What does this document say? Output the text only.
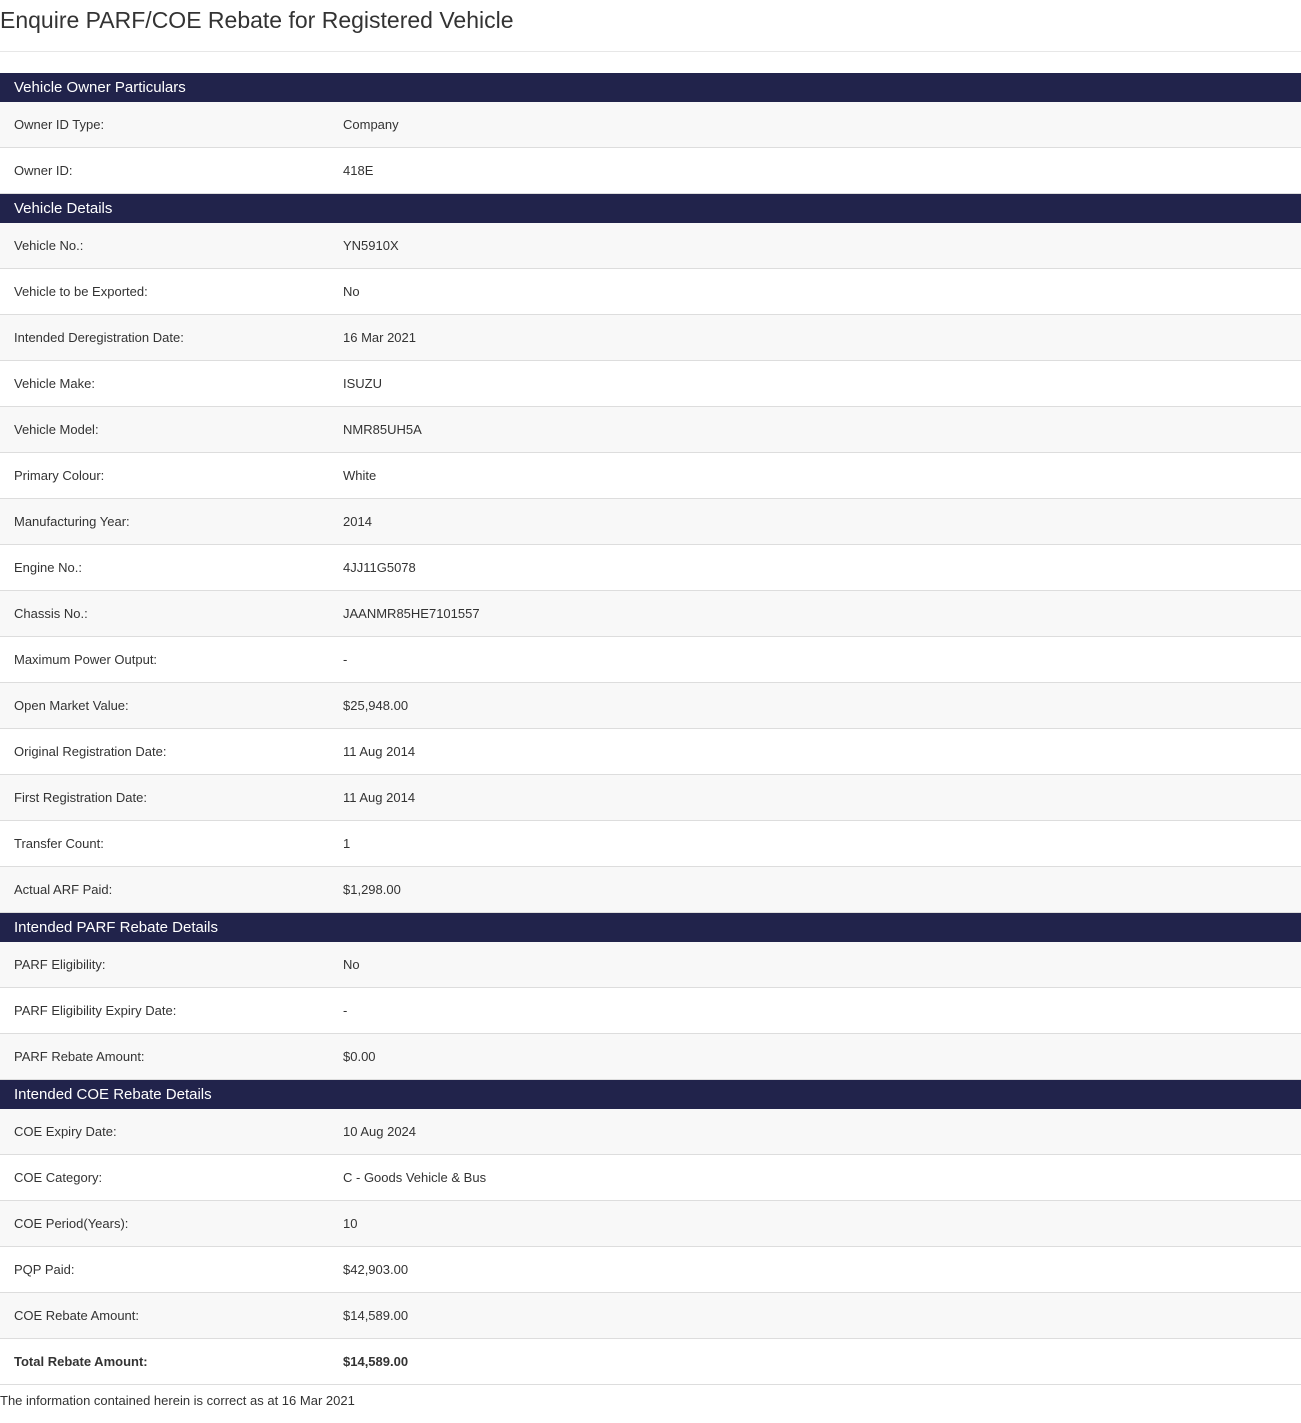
Enquire PARF/COE Rebate for Registered Vehicle
Vehicle Owner Particulars
Owner ID Type:	Company
Owner ID:	418E
Vehicle Details
Vehicle No.:	YN5910X
Vehicle to be Exported:	No
Intended Deregistration Date:	16 Mar 2021
Vehicle Make:	ISUZU
Vehicle Model:	NMR85UH5A
Primary Colour:	White
Manufacturing Year:	2014
Engine No.:	4JJ11G5078
Chassis No.:	JAANMR85HE7101557
Maximum Power Output:	-
Open Market Value:	$25,948.00
Original Registration Date:	11 Aug 2014
First Registration Date:	11 Aug 2014
Transfer Count:	1
Actual ARF Paid:	$1,298.00
Intended PARF Rebate Details
PARF Eligibility:	No
PARF Eligibility Expiry Date:	-
PARF Rebate Amount:	$0.00
Intended COE Rebate Details
COE Expiry Date:	10 Aug 2024
COE Category:	C - Goods Vehicle & Bus
COE Period(Years):	10
PQP Paid:	$42,903.00
COE Rebate Amount:	$14,589.00
Total Rebate Amount:	$14,589.00
The information contained herein is correct as at 16 Mar 2021
